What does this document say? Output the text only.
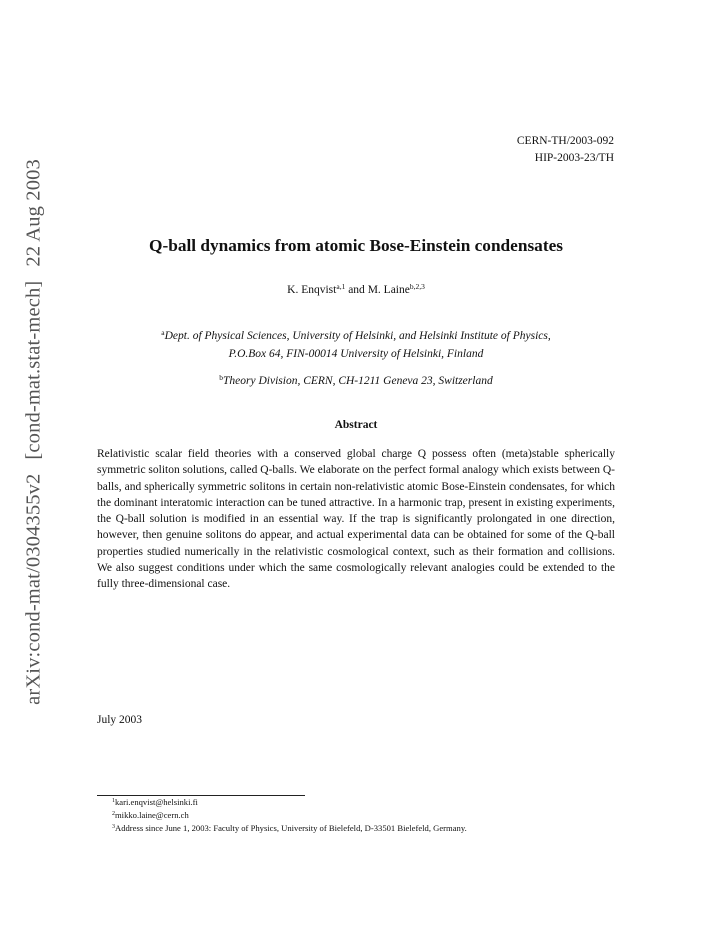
arXiv:cond-mat/0304355v2[cond-mat.stat-mech]22 Aug 2003
CERN-TH/2003-092
HIP-2003-23/TH
Q-ball dynamics from atomic Bose-Einstein condensates
K. Enqvist$^{a,1}$ and M. Laine$^{b,2,3}$
$^a$Dept. of Physical Sciences, University of Helsinki, and Helsinki Institute of Physics,
P.O.Box 64, FIN-00014 University of Helsinki, Finland
$^b$Theory Division, CERN, CH-1211 Geneva 23, Switzerland
Abstract

Relativistic scalar field theories with a conserved global charge Q possess often (meta)stable spherically symmetric soliton solutions, called Q-balls. We elaborate on the perfect formal analogy which exists between Q-balls, and spherically symmetric solitons in certain non-relativistic atomic Bose-Einstein condensates, for which the dominant interatomic interaction can be tuned attractive. In a harmonic trap, present in existing experiments, the Q-ball solution is modified in an essential way. If the trap is significantly prolongated in one direction, however, then genuine solitons do appear, and actual experimental data can be obtained for some of the Q-ball properties studied numerically in the relativistic cosmological context, such as their formation and collisions. We also suggest conditions under which the same cosmologically relevant analogies could be extended to the fully three-dimensional case.

July 2003
$^1$kari.enqvist@helsinki.fi
$^2$mikko.laine@cern.ch
$^3$Address since June 1, 2003: Faculty of Physics, University of Bielefeld, D-33501 Bielefeld, Germany.
